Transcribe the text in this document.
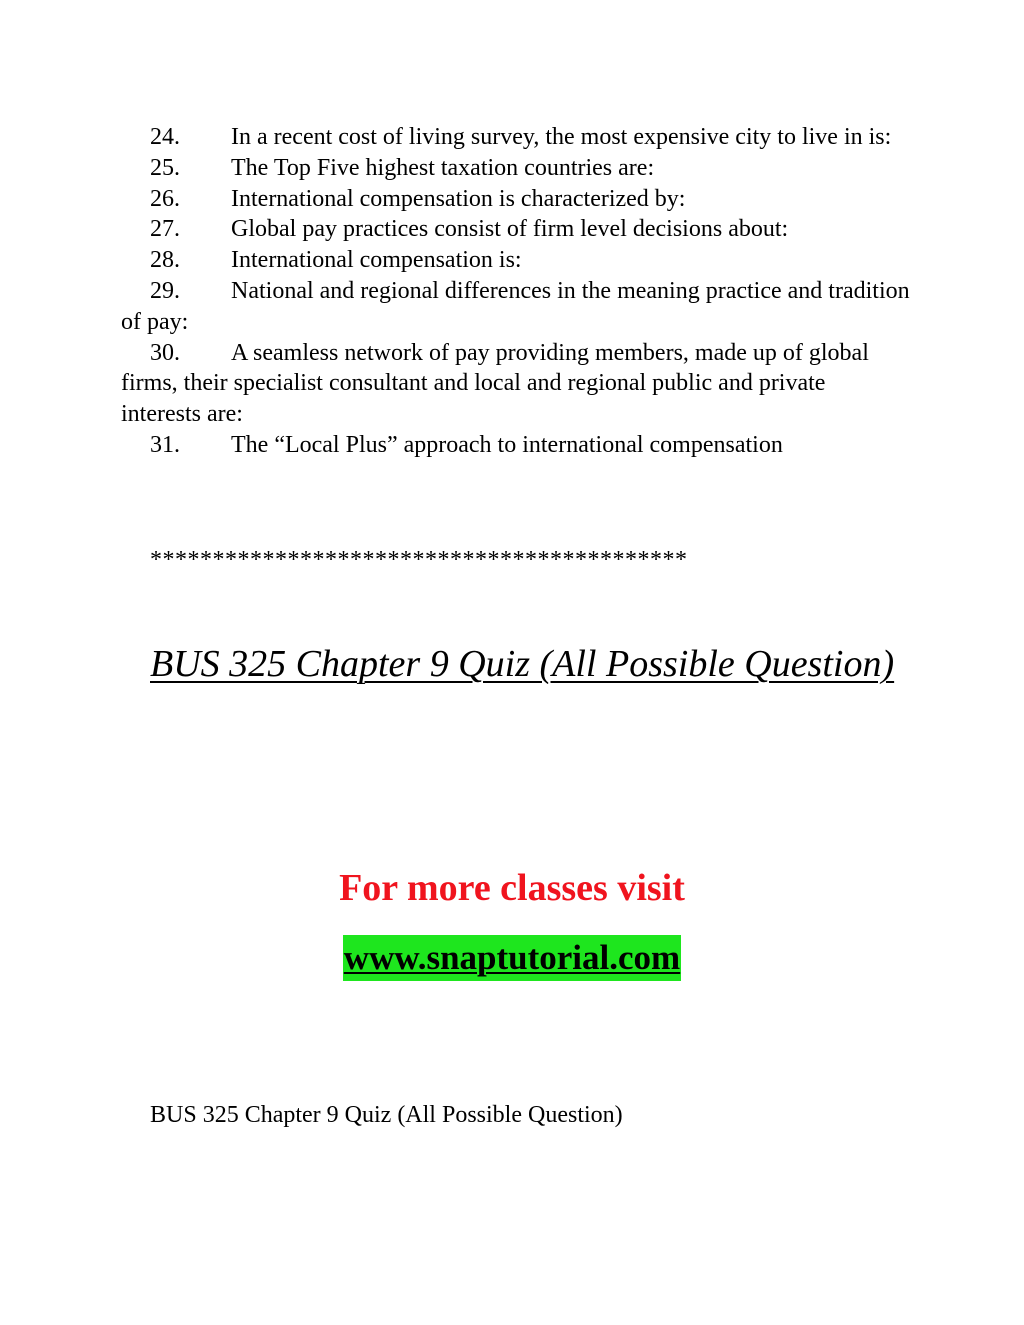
24. In a recent cost of living survey, the most expensive city to live in is:
25. The Top Five highest taxation countries are:
26. International compensation is characterized by:
27. Global pay practices consist of firm level decisions about:
28. International compensation is:
29. National and regional differences in the meaning practice and tradition of pay:
30. A seamless network of pay providing members, made up of global firms, their specialist consultant and local and regional public and private interests are:
31. The “Local Plus” approach to international compensation
*******************************************
BUS 325 Chapter 9 Quiz (All Possible Question)
For more classes visit
www.snaptutorial.com
BUS 325 Chapter 9 Quiz (All Possible Question)
